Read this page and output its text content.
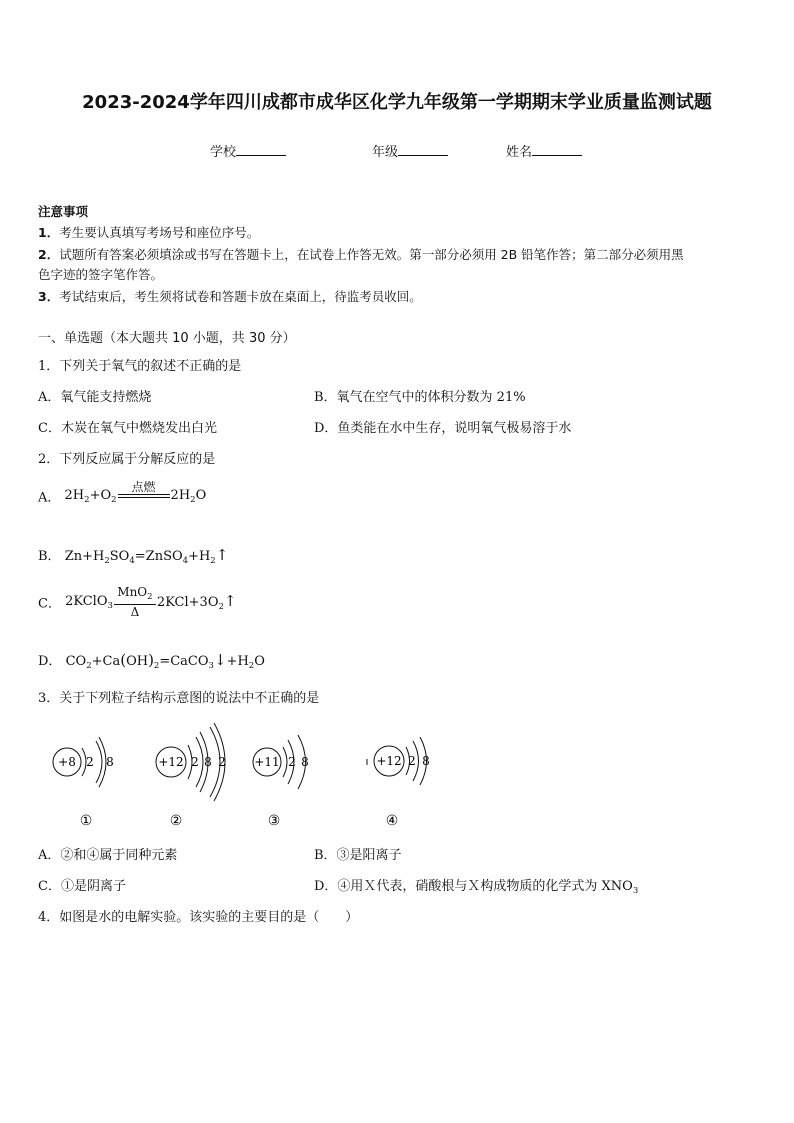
2023-2024学年四川成都市成华区化学九年级第一学期期末学业质量监测试题
学校	年级	姓名
注意事项
1．考生要认真填写考场号和座位序号。
2．试题所有答案必须填涂或书写在答题卡上，在试卷上作答无效。第一部分必须用 2B 铅笔作答；第二部分必须用黑
色字迹的签字笔作答。
3．考试结束后，考生须将试卷和答题卡放在桌面上，待监考员收回。
一、单选题（本大题共 10 小题，共 30 分）
1．下列关于氧气的叙述不正确的是
A．氧气能支持燃烧	B．氧气在空气中的体积分数为 21%
C．木炭在氧气中燃烧发出白光	D．鱼类能在水中生存，说明氧气极易溶于水
2．下列反应属于分解反应的是
A． $2H_2+O_2$
点燃

$2H_2O$
B． $Zn+H_2SO_4=ZnSO_4+H_2↑$
C． 2KClO$_3$
MnO$_2$
Δ
$2KCl+3O_2↑$
D． $CO_2+Ca(OH)_2=CaCO_3↓+H_2O$
3．关于下列粒子结构示意图的说法中不正确的是
+8 2 8
①
+12 2 8 2
②
+11 2 8
③
+12 2 8
④
A．②和④属于同种元素	B．③是阳离子
C．①是阴离子	D．④用Ｘ代表，硝酸根与Ｘ构成物质的化学式为 $XNO_3$
4．如图是水的电解实验。该实验的主要目的是（　　）
